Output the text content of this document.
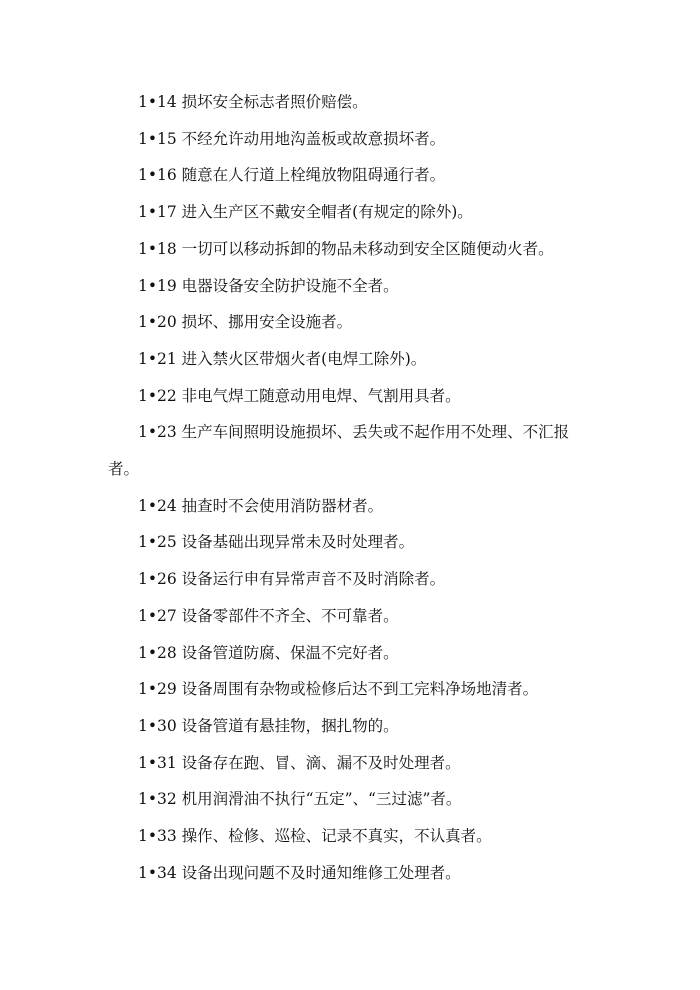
1•14 损坏安全标志者照价赔偿。
1•15 不经允许动用地沟盖板或故意损坏者。
1•16 随意在人行道上栓绳放物阻碍通行者。
1•17 进入生产区不戴安全帽者(有规定的除外)。
1•18 一切可以移动拆卸的物品未移动到安全区随便动火者。
1•19 电器设备安全防护设施不全者。
1•20 损坏、挪用安全设施者。
1•21 进入禁火区带烟火者(电焊工除外)。
1•22 非电气焊工随意动用电焊、气割用具者。
1•23 生产车间照明设施损坏、丢失或不起作用不处理、不汇报
者。
1•24 抽查时不会使用消防器材者。
1•25 设备基础出现异常未及时处理者。
1•26 设备运行申有异常声音不及时消除者。
1•27 设备零部件不齐全、不可靠者。
1•28 设备管道防腐、保温不完好者。
1•29 设备周围有杂物或检修后达不到工完料净场地清者。
1•30 设备管道有悬挂物，捆扎物的。
1•31 设备存在跑、冒、滴、漏不及时处理者。
1•32 机用润滑油不执行“五定”、“三过滤”者。
1•33 操作、检修、巡检、记录不真实，不认真者。
1•34 设备出现问题不及时通知维修工处理者。
